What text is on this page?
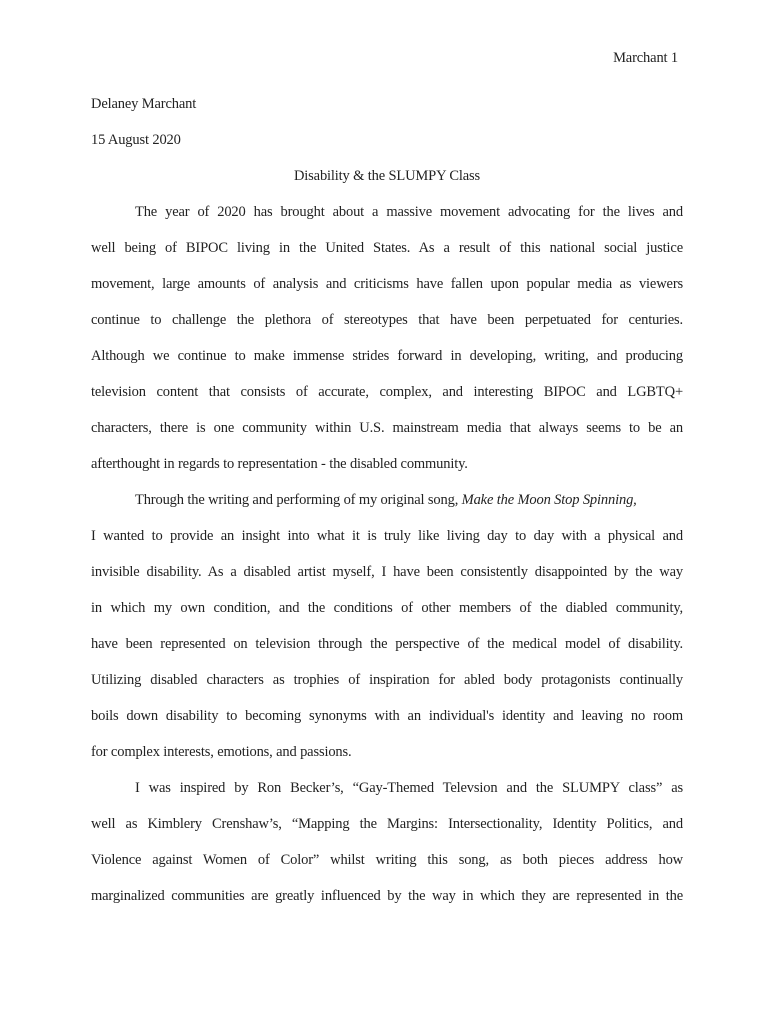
Marchant 1
Delaney Marchant
15 August 2020
Disability & the SLUMPY Class
The year of 2020 has brought about a massive movement advocating for the lives and
well being of BIPOC living in the United States. As a result of this national social justice
movement, large amounts of analysis and criticisms have fallen upon popular media as viewers
continue to challenge the plethora of stereotypes that have been perpetuated for centuries.
Although we continue to make immense strides forward in developing, writing, and producing
television content that consists of accurate, complex, and interesting BIPOC and LGBTQ+
characters, there is one community within U.S. mainstream media that always seems to be an
afterthought in regards to representation - the disabled community.
Through the writing and performing of my original song, Make the Moon Stop Spinning,
I wanted to provide an insight into what it is truly like living day to day with a physical and
invisible disability. As a disabled artist myself, I have been consistently disappointed by the way
in which my own condition, and the conditions of other members of the diabled community,
have been represented on television through the perspective of the medical model of disability.
Utilizing disabled characters as trophies of inspiration for abled body protagonists continually
boils down disability to becoming synonyms with an individual's identity and leaving no room
for complex interests, emotions, and passions.
I was inspired by Ron Becker’s, “Gay-Themed Televsion and the SLUMPY class” as
well as Kimblery Crenshaw’s, “Mapping the Margins: Intersectionality, Identity Politics, and
Violence against Women of Color” whilst writing this song, as both pieces address how
marginalized communities are greatly influenced by the way in which they are represented in the
